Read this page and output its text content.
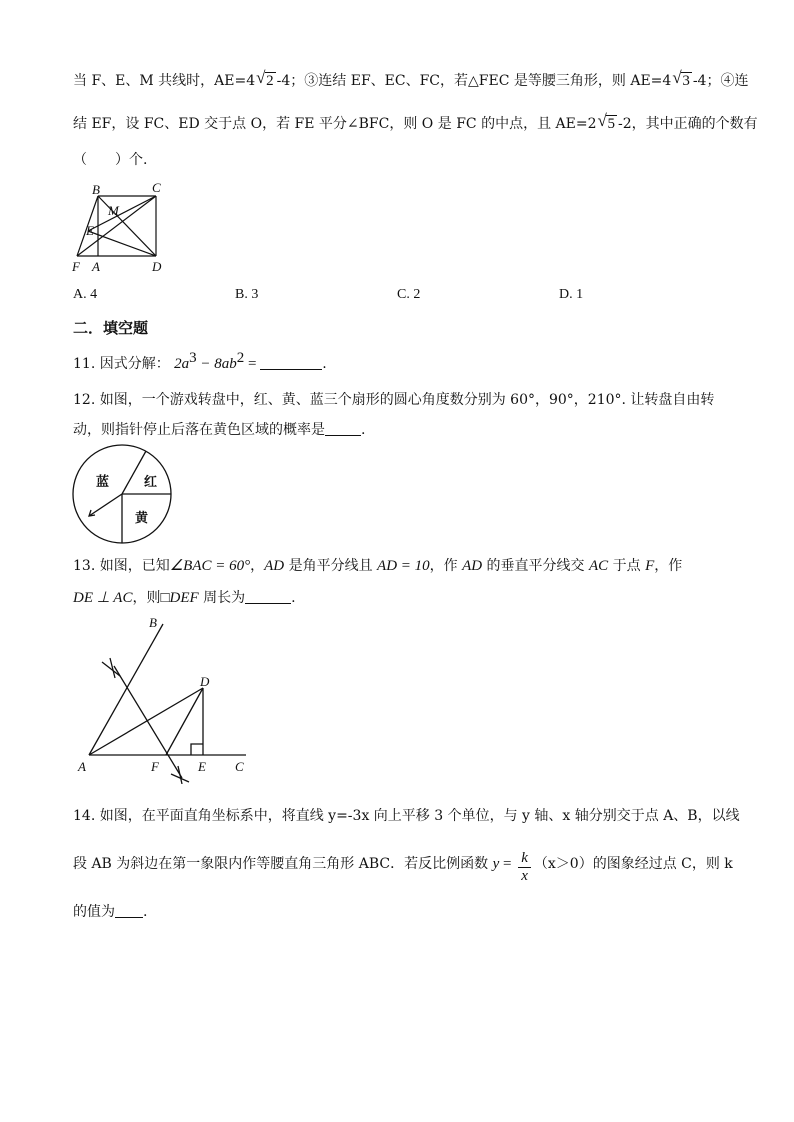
当 F、E、M 共线时，AE=4 √ 2 -4；③连结 EF、EC、FC，若△FEC 是等腰三角形，则 AE=4 √ 3 -4；④连
结 EF，设 FC、ED 交于点 O，若 FE 平分∠BFC，则 O 是 FC 的中点，且 AE=2 √ 5 -2，其中正确的个数有
（　　）个.
B	C
M
E
F A	D
A. 4	B. 3	C. 2	D. 1
二．填空题
11. 因式分解： $2a^3 - 8ab^2$ =	.
12. 如图，一个游戏转盘中，红、黄、蓝三个扇形的圆心角度数分别为 60°，90°，210°. 让转盘自由转
动，则指针停止后落在黄色区域的概率是	.
蓝	红
黄
13. 如图，已知∠BAC = 60°，AD 是角平分线且 AD = 10，作 AD 的垂直平分线交 AC 于点 F，作
DE ⊥ AC，则□DEF 周长为	.
B
D
A	F	E C
14. 如图，在平面直角坐标系中，将直线 y=-3x 向上平移 3 个单位，与 y 轴、x 轴分别交于点 A、B，以线
段 AB 为斜边在第一象限内作等腰直角三角形 ABC．若反比例函数 $y = \frac{k}{x} (x>0)$的图象经过点 C，则 k
的值为 .
